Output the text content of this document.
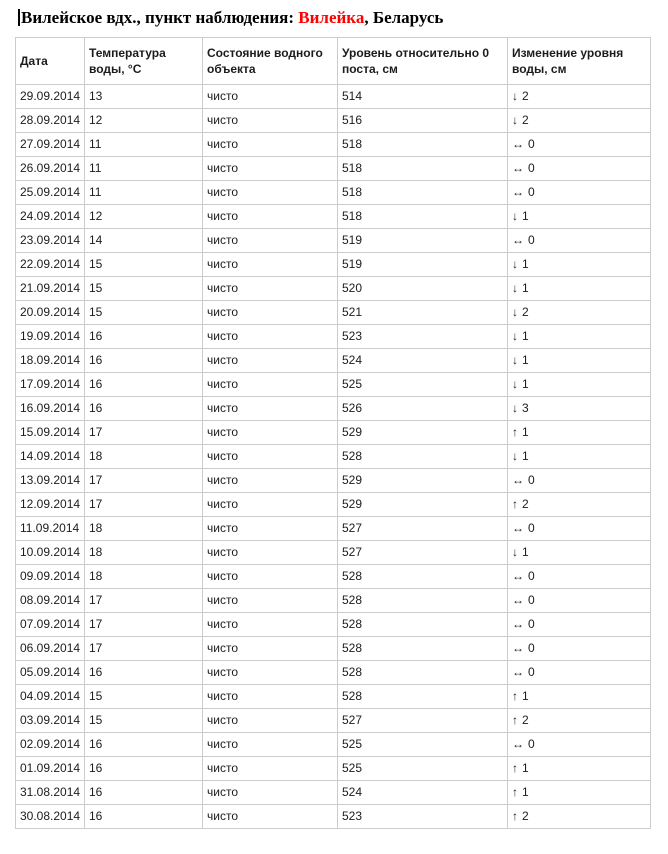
Вилейское вдх., пункт наблюдения: Вилейка, Беларусь
Дата	Температура воды, °C	Состояние водного объекта	Уровень относительно 0 поста, см	Изменение уровня воды, см
29.09.2014	13	чисто	514	↓ 2
28.09.2014	12	чисто	516	↓ 2
27.09.2014	11	чисто	518	↔ 0
26.09.2014	11	чисто	518	↔ 0
25.09.2014	11	чисто	518	↔ 0
24.09.2014	12	чисто	518	↓ 1
23.09.2014	14	чисто	519	↔ 0
22.09.2014	15	чисто	519	↓ 1
21.09.2014	15	чисто	520	↓ 1
20.09.2014	15	чисто	521	↓ 2
19.09.2014	16	чисто	523	↓ 1
18.09.2014	16	чисто	524	↓ 1
17.09.2014	16	чисто	525	↓ 1
16.09.2014	16	чисто	526	↓ 3
15.09.2014	17	чисто	529	↑ 1
14.09.2014	18	чисто	528	↓ 1
13.09.2014	17	чисто	529	↔ 0
12.09.2014	17	чисто	529	↑ 2
11.09.2014	18	чисто	527	↔ 0
10.09.2014	18	чисто	527	↓ 1
09.09.2014	18	чисто	528	↔ 0
08.09.2014	17	чисто	528	↔ 0
07.09.2014	17	чисто	528	↔ 0
06.09.2014	17	чисто	528	↔ 0
05.09.2014	16	чисто	528	↔ 0
04.09.2014	15	чисто	528	↑ 1
03.09.2014	15	чисто	527	↑ 2
02.09.2014	16	чисто	525	↔ 0
01.09.2014	16	чисто	525	↑ 1
31.08.2014	16	чисто	524	↑ 1
30.08.2014	16	чисто	523	↑ 2
